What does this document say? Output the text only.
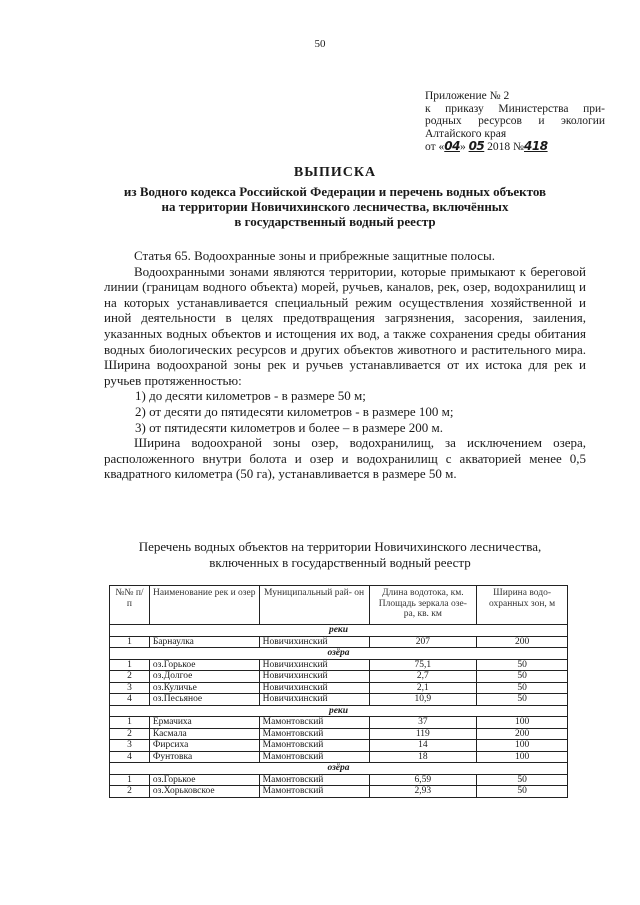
50
Приложение № 2
к приказу Министерства при-
родных ресурсов и экологии
Алтайского края
от «04» 05 2018 №418
ВЫПИСКА
из Водного кодекса Российской Федерации и перечень водных объектов
на территории Новичихинского лесничества, включённых
в государственный водный реестр

Статья 65. Водоохранные зоны и прибрежные защитные полосы.

Водоохранными зонами являются территории, которые примыкают к береговой линии (границам водного объекта) морей, ручьев, каналов, рек, озер, водохранилищ и на которых устанавливается специальный режим осуществления хозяйственной и иной деятельности в целях предотвращения загрязнения, засорения, заиления, указанных водных объектов и истощения их вод, а также сохранения среды обитания водных биологических ресурсов и других объектов животного и растительного мира. Ширина водоохраной зоны рек и ручьев устанавливается от их истока для рек и ручьев протяженностью:

1) до десяти километров - в размере 50 м;

2) от десяти до пятидесяти километров - в размере 100 м;

3) от пятидесяти километров и более – в размере 200 м.

Ширина водоохраной зоны озер, водохранилищ, за исключением озера, расположенного внутри болота и озер и водохранилищ с акваторией менее 0,5 квадратного километра (50 га), устанавливается в размере 50 м.

Перечень водных объектов на территории Новичихинского лесничества,
включенных в государственный водный реестр
№№ п/п	Наименование рек и озер	Муниципальный рай- он	Длина водотока, км. Площадь зеркала озе- ра, кв. км	Ширина водо- охранных зон, м
реки				
1	Барнаулка	Новичихинский	207	200
озёра				
1	оз.Горькое	Новичихинский	75,1	50
2	оз.Долгое	Новичихинский	2,7	50
3	оз.Куличье	Новичихинский	2,1	50
4	оз.Песьяное	Новичихинский	10,9	50
реки				
1	Ермачиха	Мамонтовский	37	100
2	Касмала	Мамонтовский	119	200
3	Фирсиха	Мамонтовский	14	100
4	Фунтовка	Мамонтовский	18	100
озёра				
1	оз.Горькое	Мамонтовский	6,59	50
2	оз.Хорьковское	Мамонтовский	2,93	50
